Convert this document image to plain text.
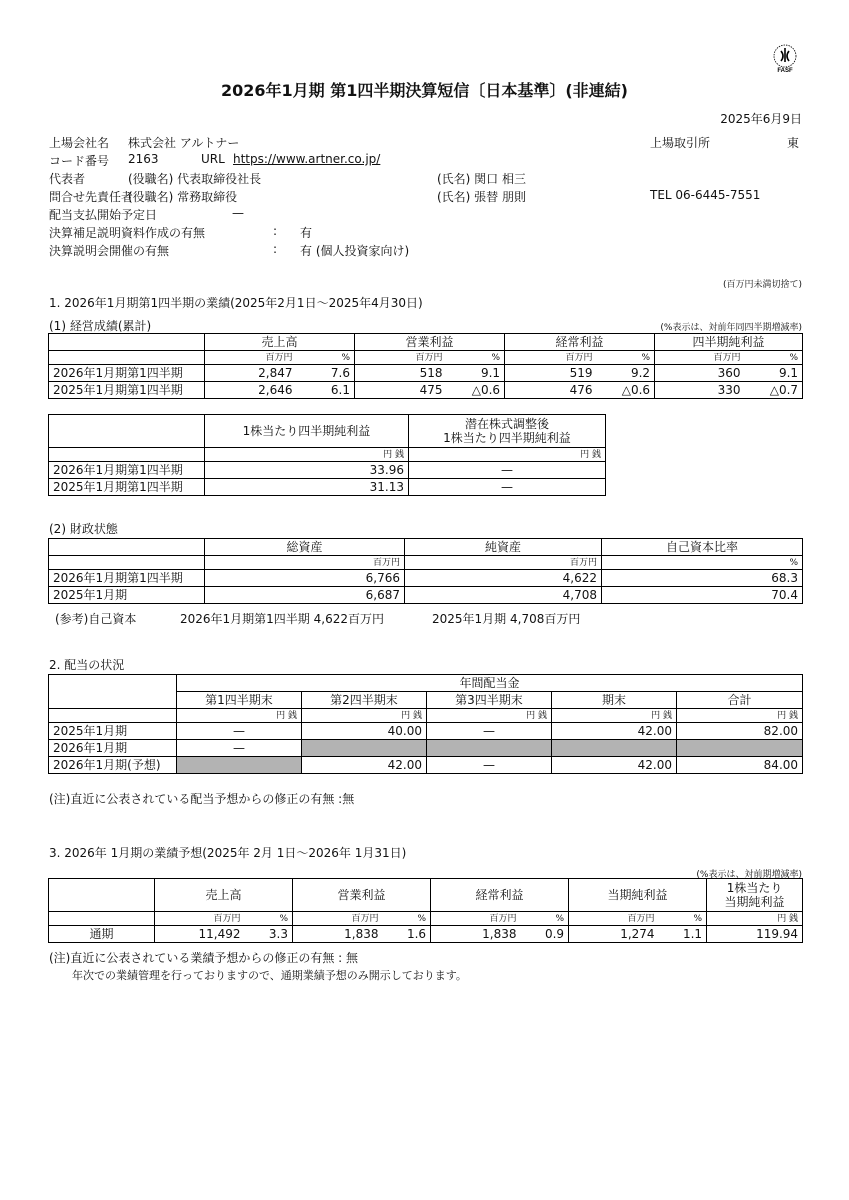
FASF
2026年1月期 第1四半期決算短信〔日本基準〕(非連結)
2025年6月9日
上場会社名 株式会社 アルトナー	上場取引所	東
コード番号 2163	URL https://www.artner.co.jp/
代表者	(役職名) 代表取締役社長	(氏名) 関口 相三
問合せ先責任者
(役職名) 常務取締役	(氏名) 張替 朋則	TEL 06-6445-7551
配当支払開始予定日	—
決算補足説明資料作成の有無	: 有
決算説明会開催の有無	: 有 (個人投資家向け)
(百万円未満切捨て)
1. 2026年1月期第1四半期の業績(2025年2月1日〜2025年4月30日)
(1) 経営成績(累計)	(%表示は、対前年同四半期増減率)
	売上高		営業利益		経常利益		四半期純利益	
	百万円	%	百万円	%	百万円	%	百万円	%
2026年1月期第1四半期	2,847	7.6	518	9.1	519	9.2	360	9.1
2025年1月期第1四半期	2,646	6.1	475	△0.6	476	△0.6	330	△0.7
	1株当たり四半期純利益	潜在株式調整後
1株当たり四半期純利益
	円 銭	円 銭
2026年1月期第1四半期	33.96	—
2025年1月期第1四半期	31.13	—
(2) 財政状態
	総資産	純資産	自己資本比率
	百万円	百万円	%
2026年1月期第1四半期	6,766	4,622	68.3
2025年1月期	6,687	4,708	70.4
(参考)自己資本	2026年1月期第1四半期 4,622百万円	2025年1月期 4,708百万円
2. 配当の状況
	年間配当金				
	第1四半期末	第2四半期末	第3四半期末	期末	合計
	円 銭	円 銭	円 銭	円 銭	円 銭
2025年1月期	—	40.00	—	42.00	82.00
2026年1月期	—				
2026年1月期(予想)		42.00	—	42.00	84.00
(注)直近に公表されている配当予想からの修正の有無 :無
3. 2026年 1月期の業績予想(2025年 2月 1日〜2026年 1月31日)
(%表示は、対前期増減率)
	売上高		営業利益		経常利益		当期純利益		1株当たり
当期純利益
	百万円	%	百万円	%	百万円	%	百万円	%	円 銭
通期	11,492	3.3	1,838	1.6	1,838	0.9	1,274	1.1	119.94
(注)直近に公表されている業績予想からの修正の有無 : 無
年次での業績管理を行っておりますので、通期業績予想のみ開示しております。
